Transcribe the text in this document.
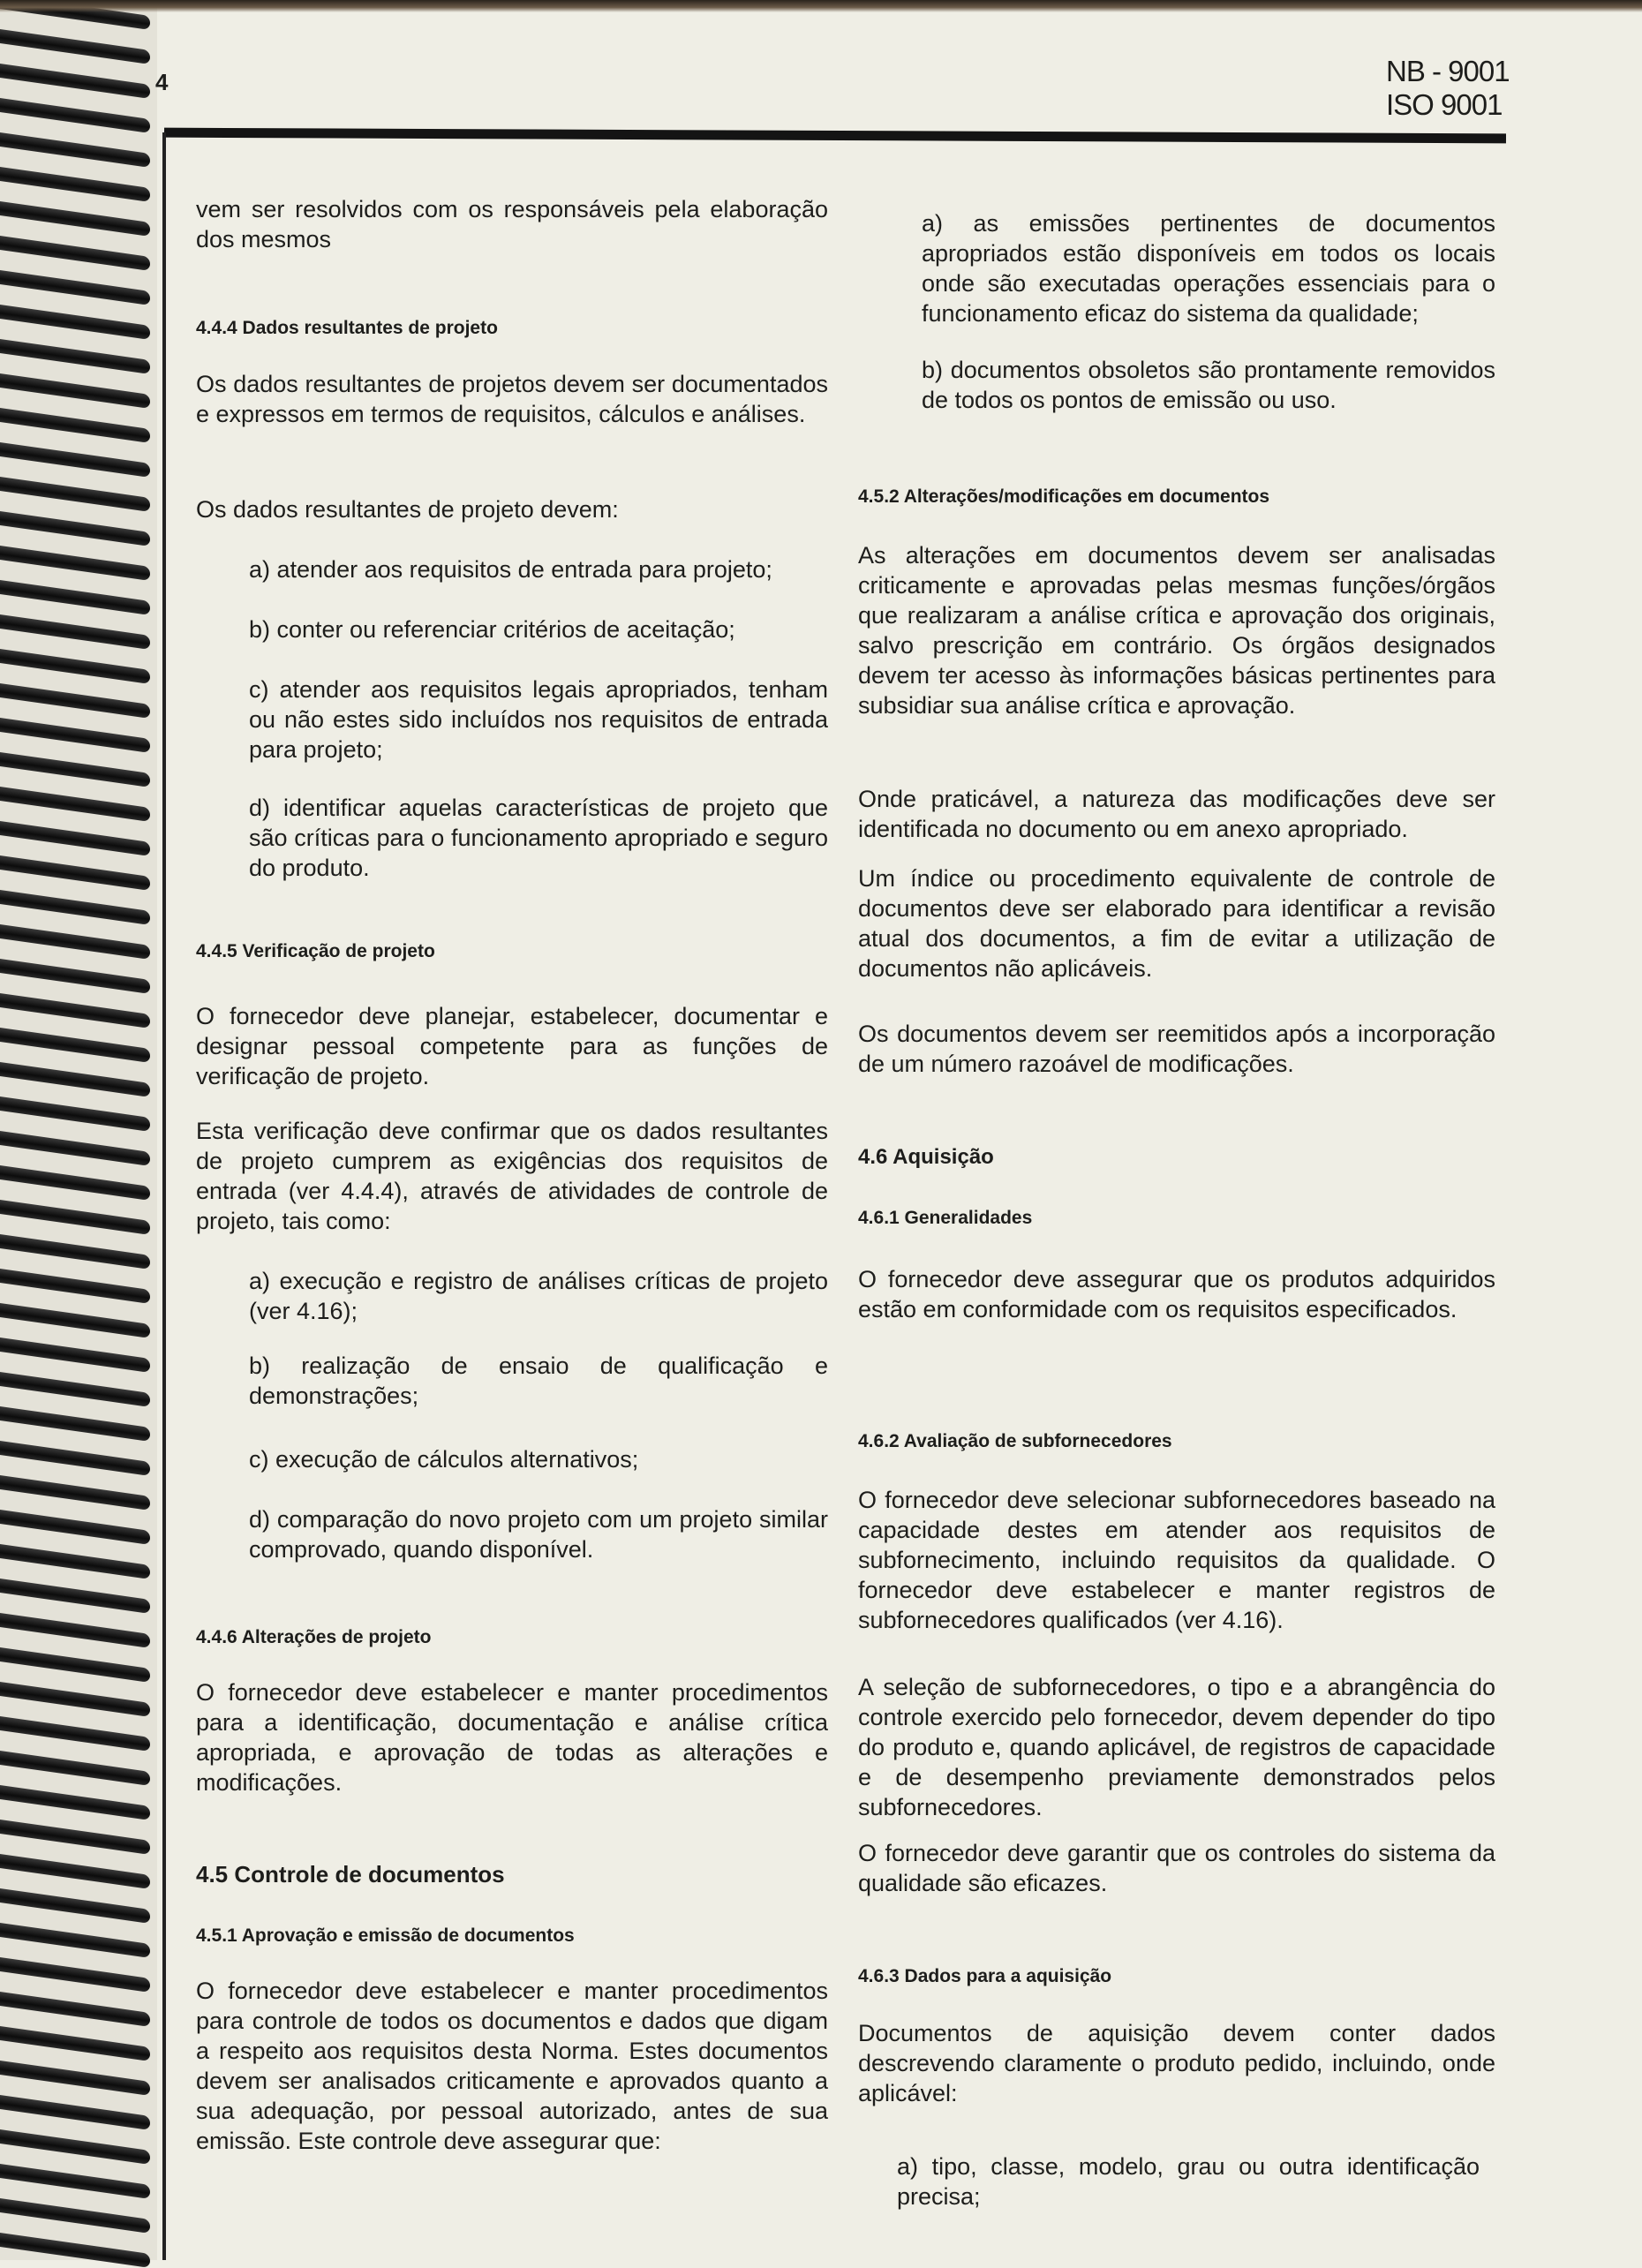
4	NB - 9001
ISO 9001
vem ser resolvidos com os responsáveis pela elaboração dos mesmos
4.4.4 Dados resultantes de projeto
Os dados resultantes de projetos devem ser documentados e expressos em termos de requisitos, cálculos e análises.
Os dados resultantes de projeto devem:
a) atender aos requisitos de entrada para projeto;
b) conter ou referenciar critérios de aceitação;
c) atender aos requisitos legais apropriados, tenham ou não estes sido incluídos nos requisitos de entrada para projeto;
d) identificar aquelas características de projeto que são críticas para o funcionamento apropriado e seguro do produto.
4.4.5 Verificação de projeto
O fornecedor deve planejar, estabelecer, documentar e designar pessoal competente para as funções de verificação de projeto.
Esta verificação deve confirmar que os dados resultantes de projeto cumprem as exigências dos requisitos de entrada (ver 4.4.4), através de atividades de controle de projeto, tais como:
a) execução e registro de análises críticas de projeto (ver 4.16);
b) realização de ensaio de qualificação e demonstrações;
c) execução de cálculos alternativos;
d) comparação do novo projeto com um projeto similar comprovado, quando disponível.
4.4.6 Alterações de projeto
O fornecedor deve estabelecer e manter procedimentos para a identificação, documentação e análise crítica apropriada, e aprovação de todas as alterações e modificações.
4.5 Controle de documentos
4.5.1 Aprovação e emissão de documentos
O fornecedor deve estabelecer e manter procedimentos para controle de todos os documentos e dados que digam a respeito aos requisitos desta Norma. Estes documentos devem ser analisados criticamente e aprovados quanto a sua adequação, por pessoal autorizado, antes de sua emissão. Este controle deve assegurar que:
a) as emissões pertinentes de documentos apropriados estão disponíveis em todos os locais onde são executadas operações essenciais para o funcionamento eficaz do sistema da qualidade;
b) documentos obsoletos são prontamente removidos de todos os pontos de emissão ou uso.
4.5.2 Alterações/modificações em documentos
As alterações em documentos devem ser analisadas criticamente e aprovadas pelas mesmas funções/órgãos que realizaram a análise crítica e aprovação dos originais, salvo prescrição em contrário. Os órgãos designados devem ter acesso às informações básicas pertinentes para subsidiar sua análise crítica e aprovação.
Onde praticável, a natureza das modificações deve ser identificada no documento ou em anexo apropriado.
Um índice ou procedimento equivalente de controle de documentos deve ser elaborado para identificar a revisão atual dos documentos, a fim de evitar a utilização de documentos não aplicáveis.
Os documentos devem ser reemitidos após a incorporação de um número razoável de modificações.
4.6 Aquisição
4.6.1 Generalidades
O fornecedor deve assegurar que os produtos adquiridos estão em conformidade com os requisitos especificados.
4.6.2 Avaliação de subfornecedores
O fornecedor deve selecionar subfornecedores baseado na capacidade destes em atender aos requisitos de subfornecimento, incluindo requisitos da qualidade. O fornecedor deve estabelecer e manter registros de subfornecedores qualificados (ver 4.16).
A seleção de subfornecedores, o tipo e a abrangência do controle exercido pelo fornecedor, devem depender do tipo do produto e, quando aplicável, de registros de capacidade e de desempenho previamente demonstrados pelos subfornecedores.
O fornecedor deve garantir que os controles do sistema da qualidade são eficazes.
4.6.3 Dados para a aquisição
Documentos de aquisição devem conter dados descrevendo claramente o produto pedido, incluindo, onde aplicável:
a) tipo, classe, modelo, grau ou outra identificação precisa;
